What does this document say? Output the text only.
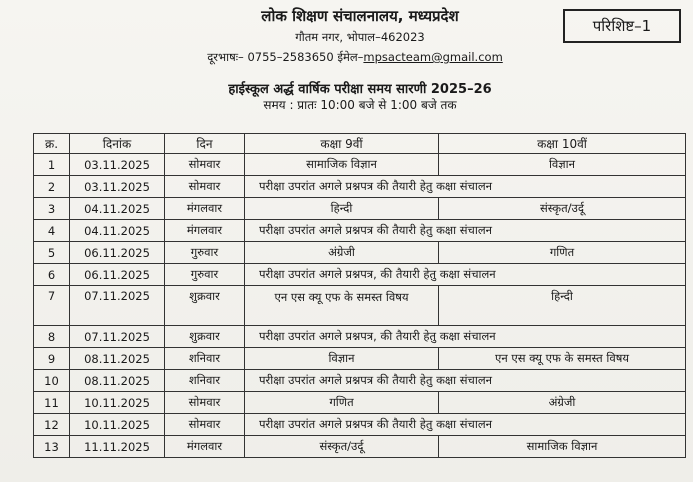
लोक शिक्षण संचालनालय, मध्यप्रदेश
गौतम नगर, भोपाल–462023
दूरभाषः– 0755–2583650 ईमेल–mpsacteam@gmail.com
परिशिष्ट–1
हाईस्कूल अर्द्ध वार्षिक परीक्षा समय सारणी 2025–26
समय : प्रातः 10:00 बजे से 1:00 बजे तक
क्र.	दिनांक	दिन	कक्षा 9वीं	कक्षा 10वीं
1	03.11.2025	सोमवार	सामाजिक विज्ञान	विज्ञान
2	03.11.2025	सोमवार	परीक्षा उपरांत अगले प्रश्नपत्र की तैयारी हेतु कक्षा संचालन	
3	04.11.2025	मंगलवार	हिन्दी	संस्कृत/उर्दू
4	04.11.2025	मंगलवार	परीक्षा उपरांत अगले प्रश्नपत्र की तैयारी हेतु कक्षा संचालन	
5	06.11.2025	गुरुवार	अंग्रेजी	गणित
6	06.11.2025	गुरुवार	परीक्षा उपरांत अगले प्रश्नपत्र, की तैयारी हेतु कक्षा संचालन	
7	07.11.2025	शुक्रवार	एन एस क्यू एफ के समस्त विषय	हिन्दी
8	07.11.2025	शुक्रवार	परीक्षा उपरांत अगले प्रश्नपत्र, की तैयारी हेतु कक्षा संचालन	
9	08.11.2025	शनिवार	विज्ञान	एन एस क्यू एफ के समस्त विषय
10	08.11.2025	शनिवार	परीक्षा उपरांत अगले प्रश्नपत्र की तैयारी हेतु कक्षा संचालन	
11	10.11.2025	सोमवार	गणित	अंग्रेजी
12	10.11.2025	सोमवार	परीक्षा उपरांत अगले प्रश्नपत्र की तैयारी हेतु कक्षा संचालन	
13	11.11.2025	मंगलवार	संस्कृत/उर्दू	सामाजिक विज्ञान
